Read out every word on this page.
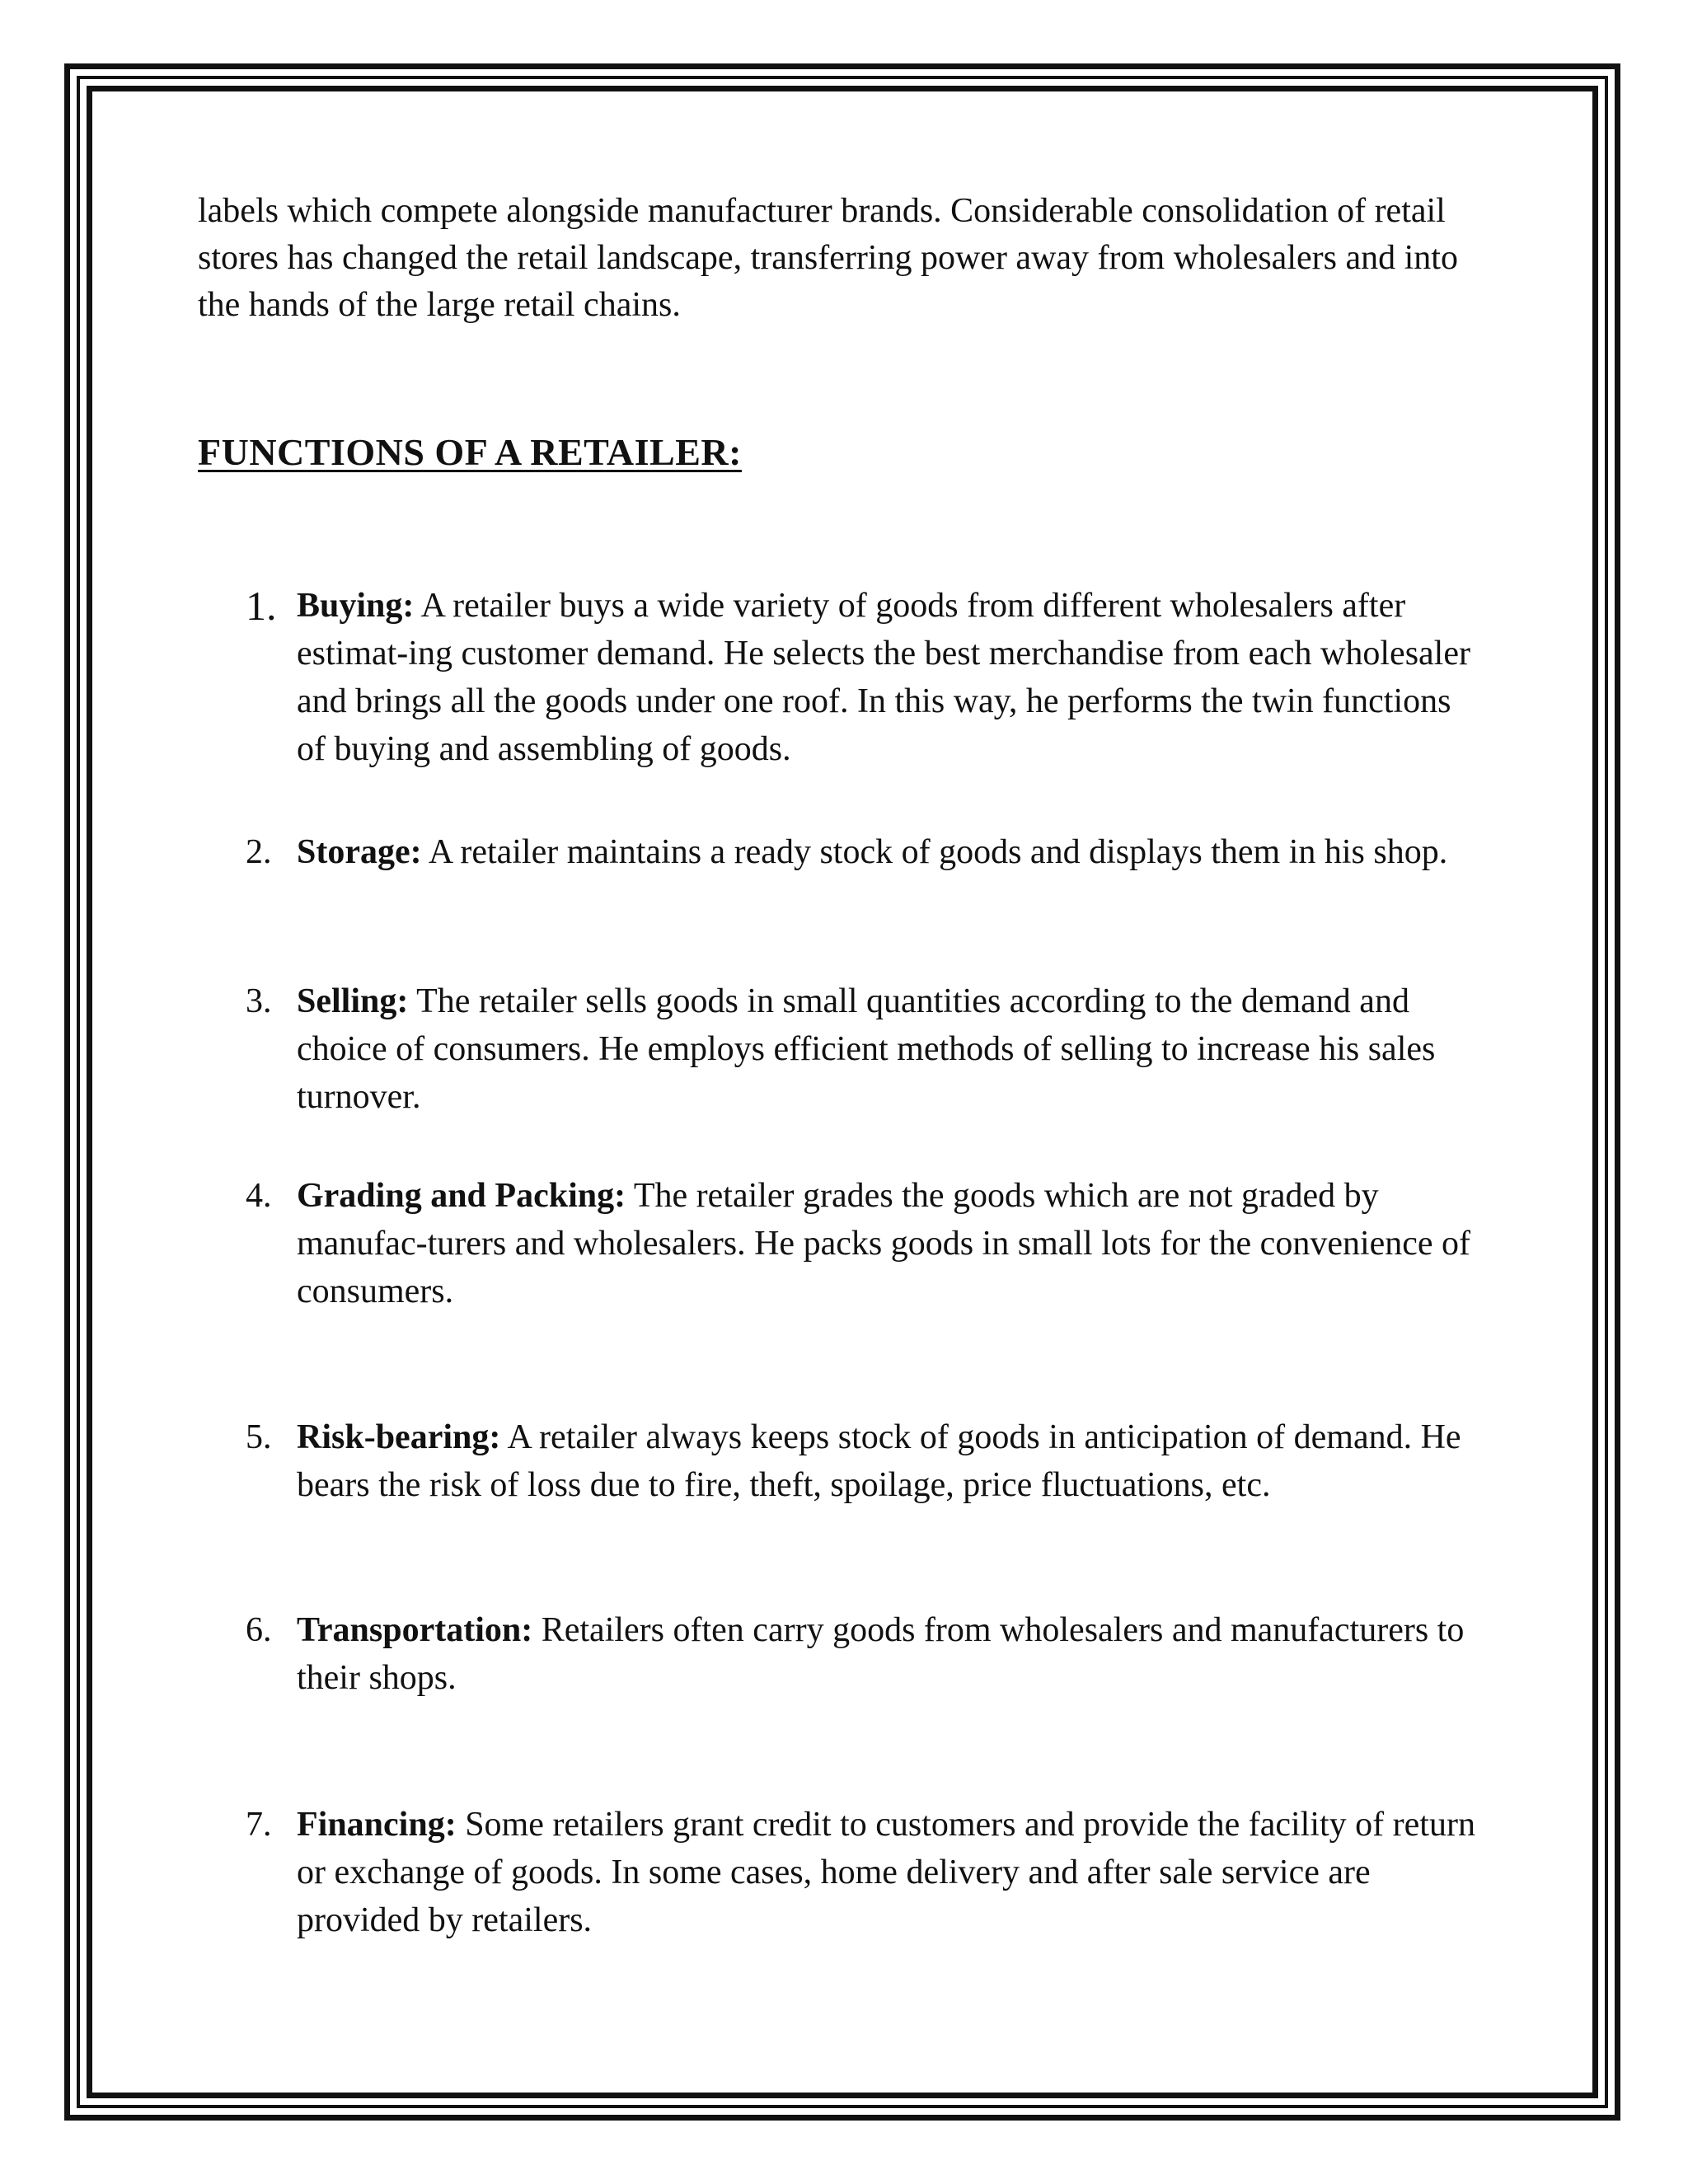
labels which compete alongside manufacturer brands. Considerable consolidation of retail stores has changed the retail landscape, transferring power away from wholesalers and into the hands of the large retail chains.

FUNCTIONS OF A RETAILER:
1. Buying: A retailer buys a wide variety of goods from different wholesalers after estimat-ing customer demand. He selects the best merchandise from each wholesaler and brings all the goods under one roof. In this way, he performs the twin functions of buying and assembling of goods.
2. Storage: A retailer maintains a ready stock of goods and displays them in his shop.
3. Selling: The retailer sells goods in small quantities according to the demand and choice of consumers. He employs efficient methods of selling to increase his sales turnover.
4. Grading and Packing: The retailer grades the goods which are not graded by manufac-turers and wholesalers. He packs goods in small lots for the convenience of consumers.
5. Risk-bearing: A retailer always keeps stock of goods in anticipation of demand. He bears the risk of loss due to fire, theft, spoilage, price fluctuations, etc.
6. Transportation: Retailers often carry goods from wholesalers and manufacturers to their shops.
7. Financing: Some retailers grant credit to customers and provide the facility of return or exchange of goods. In some cases, home delivery and after sale service are provided by retailers.
